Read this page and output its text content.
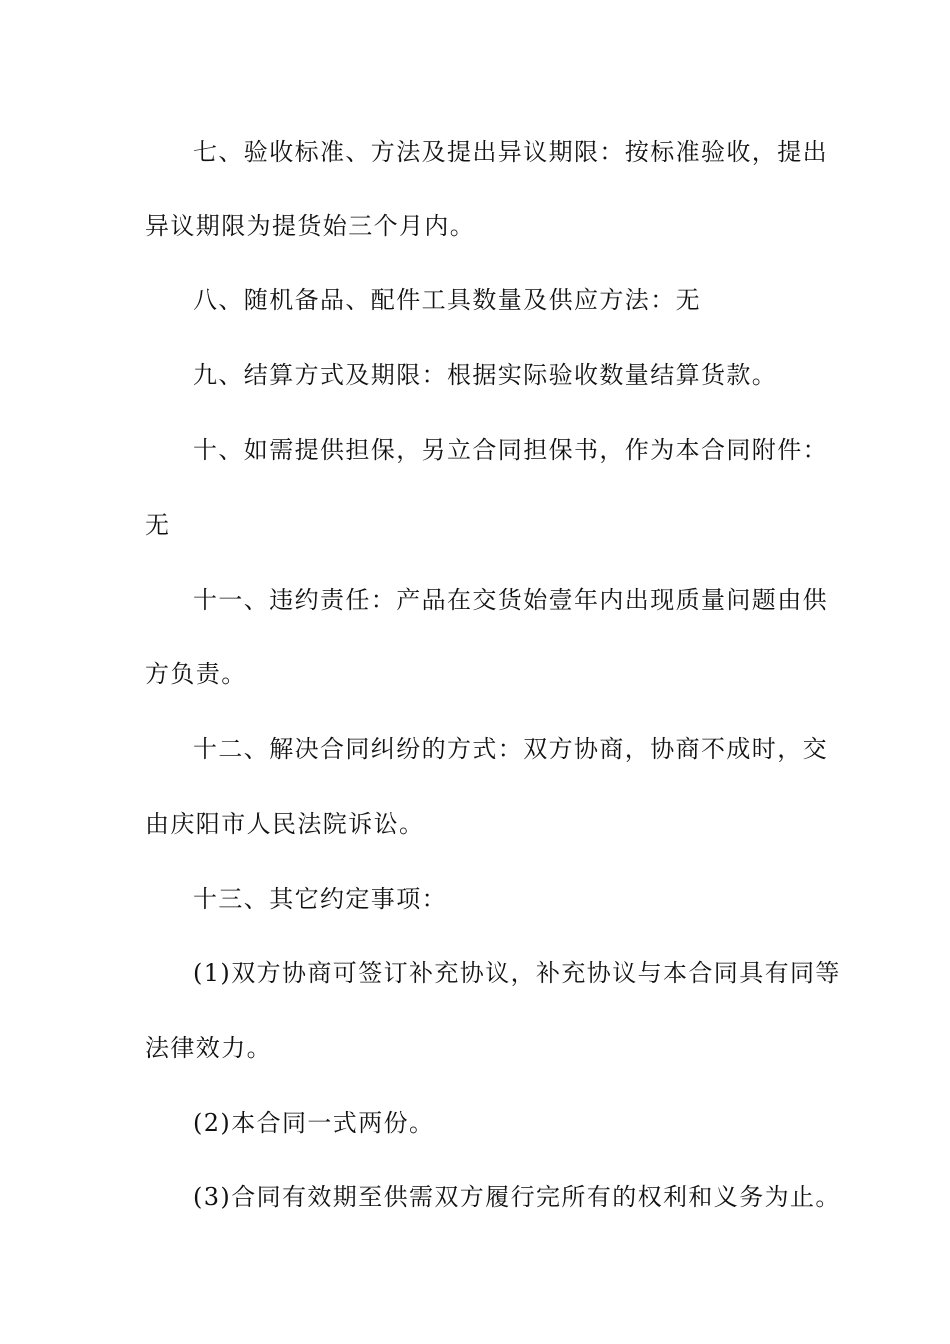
七、验收标准、方法及提出异议期限：按标准验收，提出
异议期限为提货始三个月内。
八、随机备品、配件工具数量及供应方法：无
九、结算方式及期限：根据实际验收数量结算货款。
十、如需提供担保，另立合同担保书，作为本合同附件：
无
十一、违约责任：产品在交货始壹年内出现质量问题由供
方负责。
十二、解决合同纠纷的方式：双方协商，协商不成时，交
由庆阳市人民法院诉讼。
十三、其它约定事项：
(1)双方协商可签订补充协议，补充协议与本合同具有同等
法律效力。
(2)本合同一式两份。
(3)合同有效期至供需双方履行完所有的权利和义务为止。
